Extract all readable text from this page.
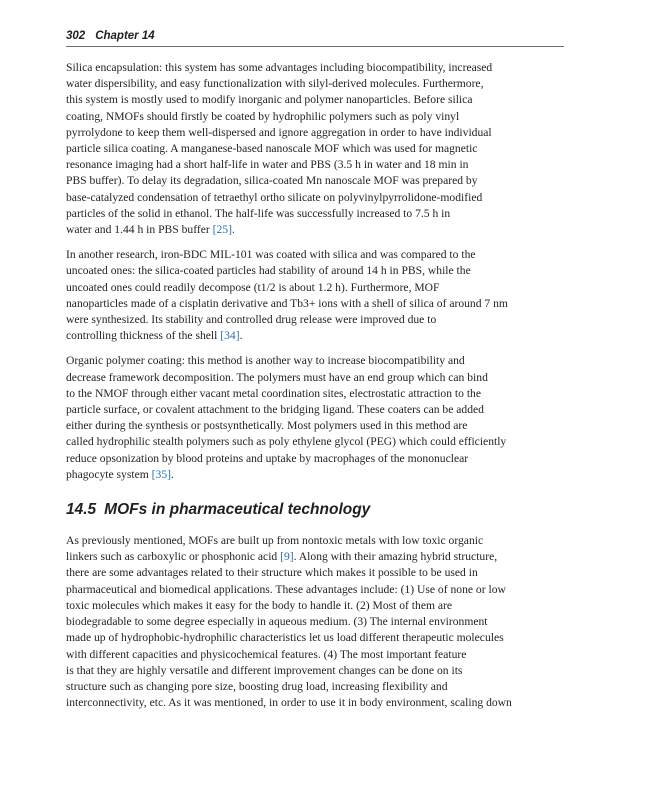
302 Chapter 14

Silica encapsulation: this system has some advantages including biocompatibility, increased
water dispersibility, and easy functionalization with silyl-derived molecules. Furthermore,
this system is mostly used to modify inorganic and polymer nanoparticles. Before silica
coating, NMOFs should firstly be coated by hydrophilic polymers such as poly vinyl
pyrrolydone to keep them well-dispersed and ignore aggregation in order to have individual
particle silica coating. A manganese-based nanoscale MOF which was used for magnetic
resonance imaging had a short half-life in water and PBS (3.5 h in water and 18 min in
PBS buffer). To delay its degradation, silica-coated Mn nanoscale MOF was prepared by
base-catalyzed condensation of tetraethyl ortho silicate on polyvinylpyrrolidone-modified
particles of the solid in ethanol. The half-life was successfully increased to 7.5 h in
water and 1.44 h in PBS buffer [25].

In another research, iron-BDC MIL-101 was coated with silica and was compared to the
uncoated ones: the silica-coated particles had stability of around 14 h in PBS, while the
uncoated ones could readily decompose (t1/2 is about 1.2 h). Furthermore, MOF
nanoparticles made of a cisplatin derivative and Tb3+ ions with a shell of silica of around 7 nm
were synthesized. Its stability and controlled drug release were improved due to
controlling thickness of the shell [34].

Organic polymer coating: this method is another way to increase biocompatibility and
decrease framework decomposition. The polymers must have an end group which can bind
to the NMOF through either vacant metal coordination sites, electrostatic attraction to the
particle surface, or covalent attachment to the bridging ligand. These coaters can be added
either during the synthesis or postsynthetically. Most polymers used in this method are
called hydrophilic stealth polymers such as poly ethylene glycol (PEG) which could efficiently
reduce opsonization by blood proteins and uptake by macrophages of the mononuclear
phagocyte system [35].

14.5 MOFs in pharmaceutical technology

As previously mentioned, MOFs are built up from nontoxic metals with low toxic organic
linkers such as carboxylic or phosphonic acid [9]. Along with their amazing hybrid structure,
there are some advantages related to their structure which makes it possible to be used in
pharmaceutical and biomedical applications. These advantages include: (1) Use of none or low
toxic molecules which makes it easy for the body to handle it. (2) Most of them are
biodegradable to some degree especially in aqueous medium. (3) The internal environment
made up of hydrophobic-hydrophilic characteristics let us load different therapeutic molecules
with different capacities and physicochemical features. (4) The most important feature
is that they are highly versatile and different improvement changes can be done on its
structure such as changing pore size, boosting drug load, increasing flexibility and
interconnectivity, etc. As it was mentioned, in order to use it in body environment, scaling down
